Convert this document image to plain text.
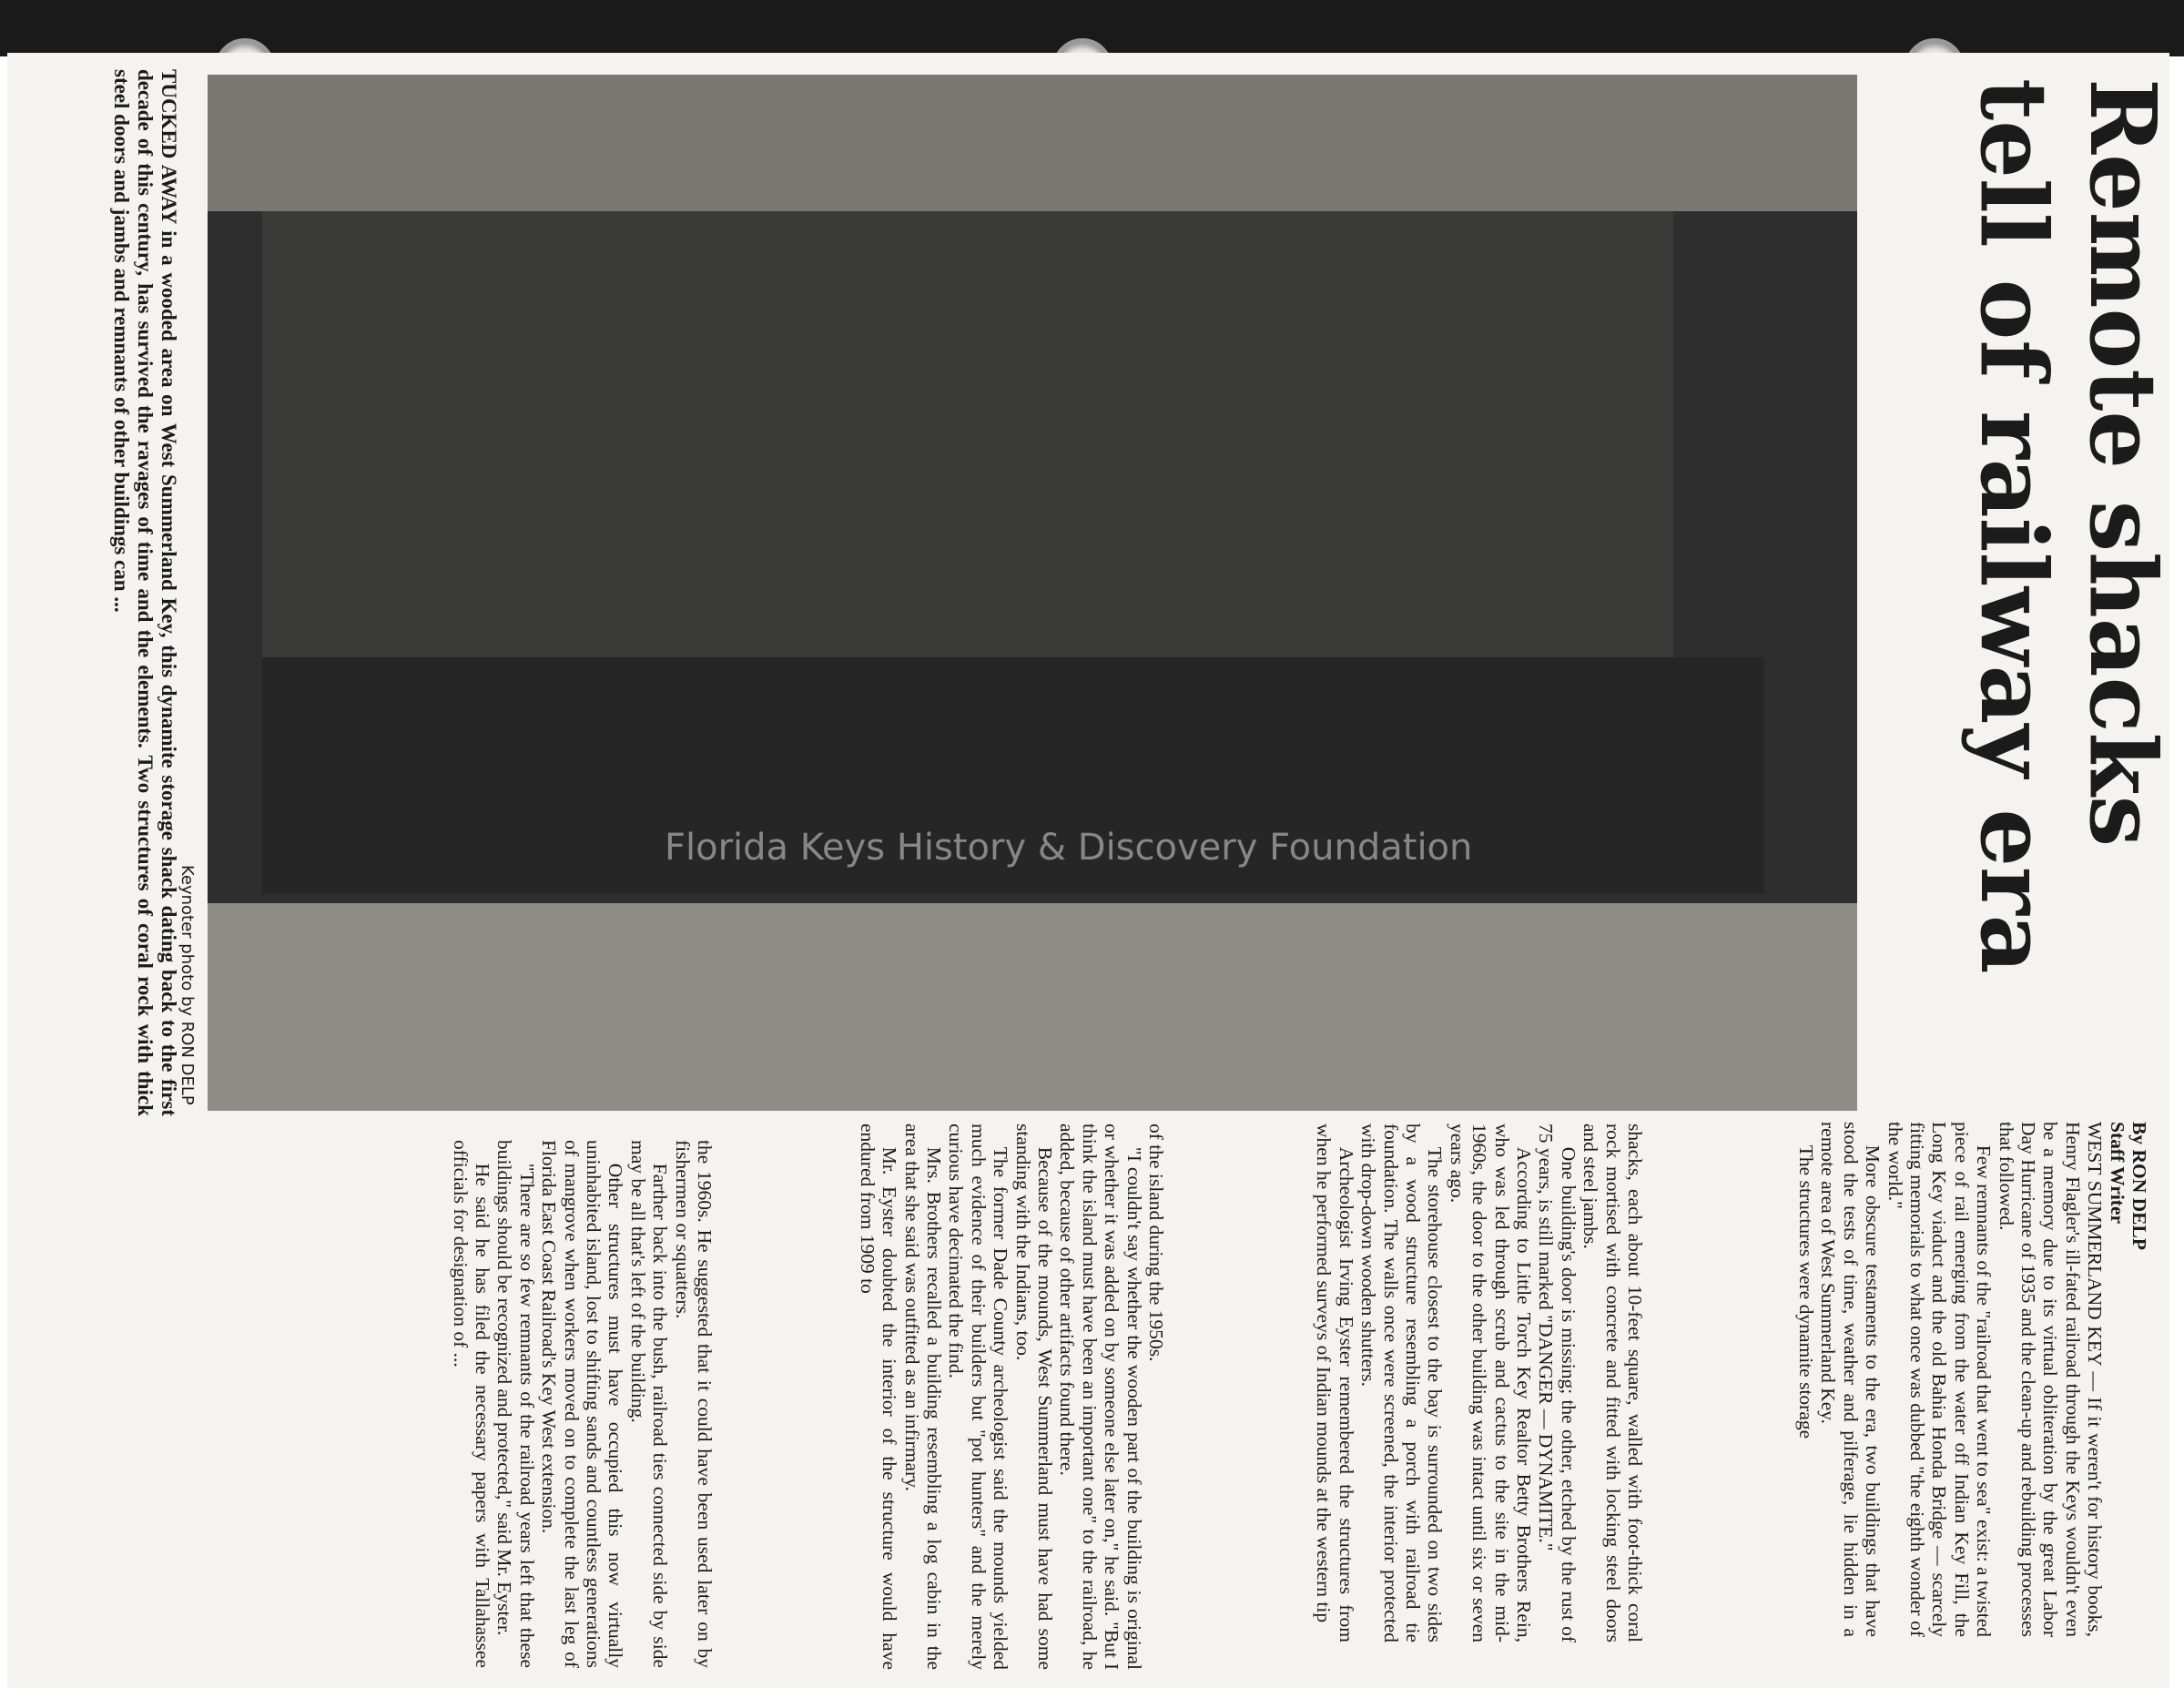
Florida Keys History & Discovery Foundation
Remote shacks
tell of railway era
Keynoter photo by RON DELP
TUCKED AWAY in a wooded area on West Summerland Key, this dynamite storage shack dating back to the first decade of this century, has survived the ravages of time and the elements. Two structures of coral rock with thick steel doors and jambs and remnants of other buildings can ...
By RON DELP
Staff Writer

WEST SUMMERLAND KEY — If it weren't for history books, Henry Flagler's ill-fated railroad through the Keys wouldn't even be a memory due to its virtual obliteration by the great Labor Day Hurricane of 1935 and the clean-up and rebuilding processes that followed.

Few remnants of the "railroad that went to sea" exist: a twisted piece of rail emerging from the water off Indian Key Fill, the Long Key viaduct and the old Bahia Honda Bridge — scarcely fitting memorials to what once was dubbed "the eighth wonder of the world."

More obscure testaments to the era, two buildings that have stood the tests of time, weather and pilferage, lie hidden in a remote area of West Summerland Key.

The structures were dynamite storage

shacks, each about 10-feet square, walled with foot-thick coral rock mortised with concrete and fitted with locking steel doors and steel jambs.

One building's door is missing; the other, etched by the rust of 75 years, is still marked "DANGER — DYNAMITE."

According to Little Torch Key Realtor Betty Brothers Rein, who was led through scrub and cactus to the site in the mid-1960s, the door to the other building was intact until six or seven years ago.

The storehouse closest to the bay is surrounded on two sides by a wood structure resembling a porch with railroad tie foundation. The walls once were screened, the interior protected with drop-down wooden shutters.

Archeologist Irving Eyster remembered the structures from when he performed surveys of Indian mounds at the western tip

of the island during the 1950s.

"I couldn't say whether the wooden part of the building is original or whether it was added on by someone else later on," he said. "But I think the island must have been an important one" to the railroad, he added, because of other artifacts found there.

Because of the mounds, West Summerland must have had some standing with the Indians, too.

The former Dade County archeologist said the mounds yielded much evidence of their builders but "pot hunters" and the merely curious have decimated the find.

Mrs. Brothers recalled a building resembling a log cabin in the area that she said was outfitted as an infirmary.

Mr. Eyster doubted the interior of the structure would have endured from 1909 to

the 1960s. He suggested that it could have been used later on by fishermen or squatters.

Farther back into the bush, railroad ties connected side by side may be all that's left of the building.

Other structures must have occupied this now virtually uninhabited island, lost to shifting sands and countless generations of mangrove when workers moved on to complete the last leg of Florida East Coast Railroad's Key West extension.

"There are so few remnants of the railroad years left that these buildings should be recognized and protected," said Mr. Eyster.

He said he has filed the necessary papers with Tallahassee officials for designation of ...
